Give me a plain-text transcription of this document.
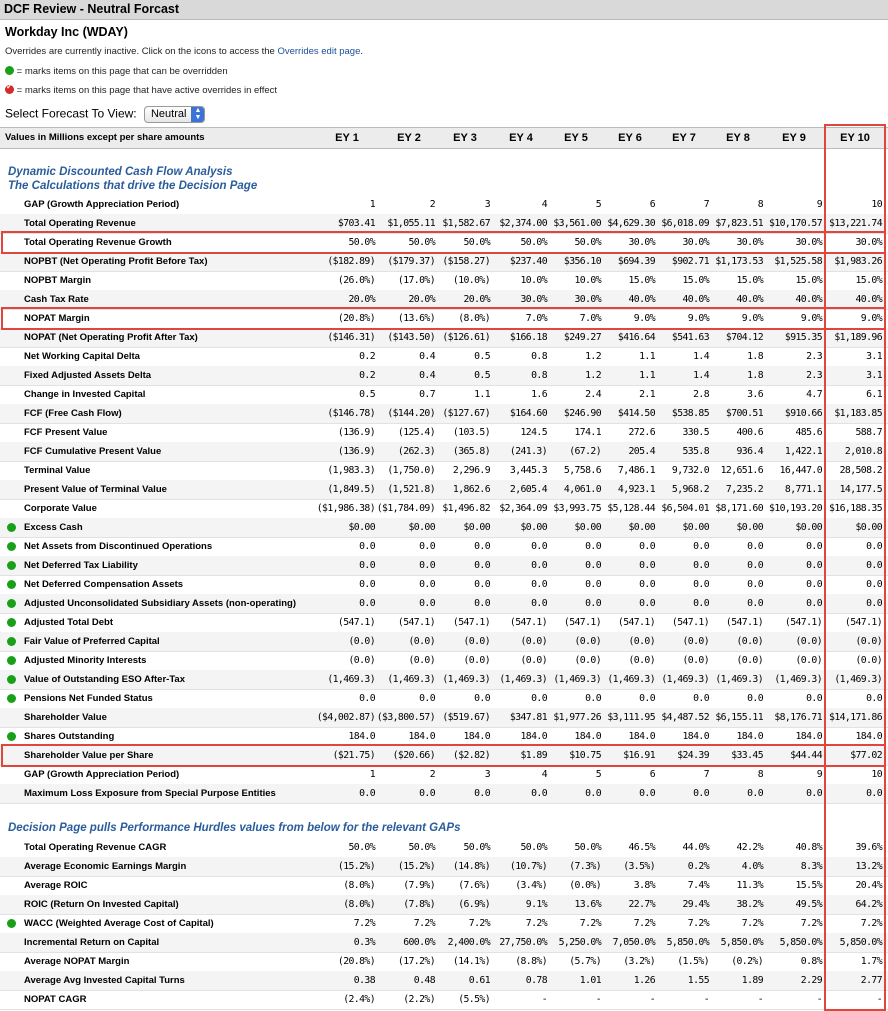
DCF Review - Neutral Forcast
Workday Inc (WDAY)
Overrides are currently inactive. Click on the icons to access the Overrides edit page.
= marks items on this page that can be overridden
✓ = marks items on this page that have active overrides in effect
Select Forecast To View: Neutral	▲
▼
Values in Millions except per share amounts	EY 1	EY 2	EY 3	EY 4	EY 5	EY 6	EY 7	EY 8	EY 9	EY 10
Dynamic Discounted Cash Flow Analysis
The Calculations that drive the Decision Page
GAP (Growth Appreciation Period)	1	2	3	4	5	6	7	8	9	10
Total Operating Revenue	$703.41 $1,055.11 $1,582.67 $2,374.00 $3,561.00 $4,629.30 $6,018.09 $7,823.51 $10,170.57 $13,221.74
Total Operating Revenue Growth	50.0%	50.0%	50.0%	50.0%	50.0%	30.0%	30.0%	30.0%	30.0%	30.0%
NOPBT (Net Operating Profit Before Tax)	($182.89) ($179.37) ($158.27) $237.40 $356.10 $694.39 $902.71 $1,173.53 $1,525.58 $1,983.26
NOPBT Margin	(26.0%) (17.0%) (10.0%)	10.0%	10.0%	15.0%	15.0%	15.0%	15.0%	15.0%
Cash Tax Rate	20.0%	20.0%	20.0%	30.0%	30.0%	40.0%	40.0%	40.0%	40.0%	40.0%
NOPAT Margin	(20.8%) (13.6%) (8.0%)	7.0%	7.0%	9.0%	9.0%	9.0%	9.0%	9.0%
NOPAT (Net Operating Profit After Tax)	($146.31) ($143.50) ($126.61) $166.18 $249.27 $416.64 $541.63 $704.12 $915.35 $1,189.96
Net Working Capital Delta	0.2	0.4	0.5	0.8	1.2	1.1	1.4	1.8	2.3	3.1
Fixed Adjusted Assets Delta	0.2	0.4	0.5	0.8	1.2	1.1	1.4	1.8	2.3	3.1
Change in Invested Capital	0.5	0.7	1.1	1.6	2.4	2.1	2.8	3.6	4.7	6.1
FCF (Free Cash Flow)	($146.78) ($144.20) ($127.67) $164.60 $246.90 $414.50 $538.85 $700.51 $910.66 $1,183.85
FCF Present Value	(136.9) (125.4) (103.5)	124.5	174.1	272.6	330.5	400.6	485.6	588.7
FCF Cumulative Present Value	(136.9) (262.3) (365.8) (241.3) (67.2)	205.4	535.8	936.4 1,422.1 2,010.8
Terminal Value	(1,983.3) (1,750.0) 2,296.9 3,445.3 5,758.6 7,486.1 9,732.0 12,651.6 16,447.0 28,508.2
Present Value of Terminal Value	(1,849.5) (1,521.8) 1,862.6 2,605.4 4,061.0 4,923.1 5,968.2 7,235.2 8,771.1 14,177.5
Corporate Value	($1,986.38) ($1,784.09) $1,496.82 $2,364.09 $3,993.75 $5,128.44 $6,504.01 $8,171.60 $10,193.20 $16,188.35
Excess Cash	$0.00	$0.00	$0.00	$0.00	$0.00	$0.00	$0.00	$0.00	$0.00	$0.00
Net Assets from Discontinued Operations	0.0	0.0	0.0	0.0	0.0	0.0	0.0	0.0	0.0	0.0
Net Deferred Tax Liability	0.0	0.0	0.0	0.0	0.0	0.0	0.0	0.0	0.0	0.0
Net Deferred Compensation Assets	0.0	0.0	0.0	0.0	0.0	0.0	0.0	0.0	0.0	0.0
Adjusted Unconsolidated Subsidiary Assets (non-operating)	0.0	0.0	0.0	0.0	0.0	0.0	0.0	0.0	0.0	0.0
Adjusted Total Debt	(547.1) (547.1) (547.1) (547.1) (547.1) (547.1) (547.1) (547.1) (547.1) (547.1)
Fair Value of Preferred Capital	(0.0)	(0.0)	(0.0)	(0.0)	(0.0)	(0.0)	(0.0)	(0.0)	(0.0)	(0.0)
Adjusted Minority Interests	(0.0)	(0.0)	(0.0)	(0.0)	(0.0)	(0.0)	(0.0)	(0.0)	(0.0)	(0.0)
Value of Outstanding ESO After-Tax	(1,469.3) (1,469.3) (1,469.3) (1,469.3) (1,469.3) (1,469.3) (1,469.3) (1,469.3) (1,469.3) (1,469.3)
Pensions Net Funded Status	0.0	0.0	0.0	0.0	0.0	0.0	0.0	0.0	0.0	0.0
Shareholder Value	($4,002.87) ($3,800.57) ($519.67) $347.81 $1,977.26 $3,111.95 $4,487.52 $6,155.11 $8,176.71 $14,171.86
Shares Outstanding	184.0	184.0	184.0	184.0	184.0	184.0	184.0	184.0	184.0	184.0
Shareholder Value per Share	($21.75) ($20.66) ($2.82)	$1.89 $10.75 $16.91 $24.39 $33.45	$44.44	$77.02
GAP (Growth Appreciation Period)	1	2	3	4	5	6	7	8	9	10
Maximum Loss Exposure from Special Purpose Entities	0.0	0.0	0.0	0.0	0.0	0.0	0.0	0.0	0.0	0.0
Decision Page pulls Performance Hurdles values from below for the relevant GAPs
Total Operating Revenue CAGR	50.0%	50.0%	50.0%	50.0%	50.0%	46.5%	44.0%	42.2%	40.8%	39.6%
Average Economic Earnings Margin	(15.2%) (15.2%) (14.8%) (10.7%) (7.3%) (3.5%)	0.2%	4.0%	8.3%	13.2%
Average ROIC	(8.0%)	(7.9%) (7.6%)	(3.4%) (0.0%)	3.8%	7.4%	11.3%	15.5%	20.4%
ROIC (Return On Invested Capital)	(8.0%)	(7.8%) (6.9%)	9.1%	13.6%	22.7%	29.4%	38.2%	49.5%	64.2%
WACC (Weighted Average Cost of Capital)	7.2%	7.2%	7.2%	7.2%	7.2%	7.2%	7.2%	7.2%	7.2%	7.2%
Incremental Return on Capital	0.3%	600.0% 2,400.0% 27,750.0% 5,250.0% 7,050.0% 5,850.0% 5,850.0% 5,850.0% 5,850.0%
Average NOPAT Margin	(20.8%) (17.2%) (14.1%)	(8.8%) (5.7%) (3.2%) (1.5%) (0.2%)	0.8%	1.7%
Average Avg Invested Capital Turns	0.38	0.48	0.61	0.78	1.01	1.26	1.55	1.89	2.29	2.77
NOPAT CAGR	(2.4%)	(2.2%) (5.5%)	-	-	-	-	-	-	-
